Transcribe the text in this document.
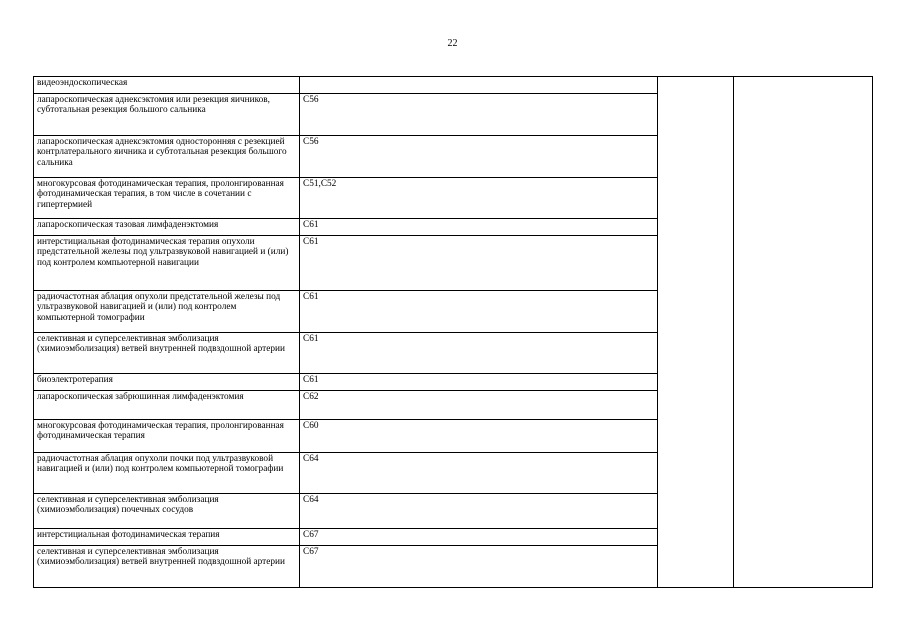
22
видеоэндоскопическая			
лапароскопическая аднексэктомия или резекция яичников, субтотальная резекция большого сальника	C56		
лапароскопическая аднексэктомия односторонняя с резекцией контрлатерального яичника и субтотальная резекция большого сальника	C56		
многокурсовая фотодинамическая терапия, пролонгированная фотодинамическая терапия, в том числе в сочетании с гипертермией	C51,C52		
лапароскопическая тазовая лимфаденэктомия	C61		
интерстициальная фотодинамическая терапия опухоли предстательной железы под ультразвуковой навигацией и (или) под контролем компьютерной навигации	C61		
радиочастотная аблация опухоли предстательной железы под ультразвуковой навигацией и (или) под контролем компьютерной томографии	C61		
селективная и суперселективная эмболизация (химиоэмболизация) ветвей внутренней подвздошной артерии	C61		
биоэлектротерапия	C61		
лапароскопическая забрюшинная лимфаденэктомия	C62		
многокурсовая фотодинамическая терапия, пролонгированная фотодинамическая терапия	C60		
радиочастотная аблация опухоли почки под ультразвуковой навигацией и (или) под контролем компьютерной томографии	C64		
селективная и суперселективная эмболизация (химиоэмболизация) почечных сосудов	C64		
интерстициальная фотодинамическая терапия	C67		
селективная и суперселективная эмболизация (химиоэмболизация) ветвей внутренней подвздошной артерии	C67		
